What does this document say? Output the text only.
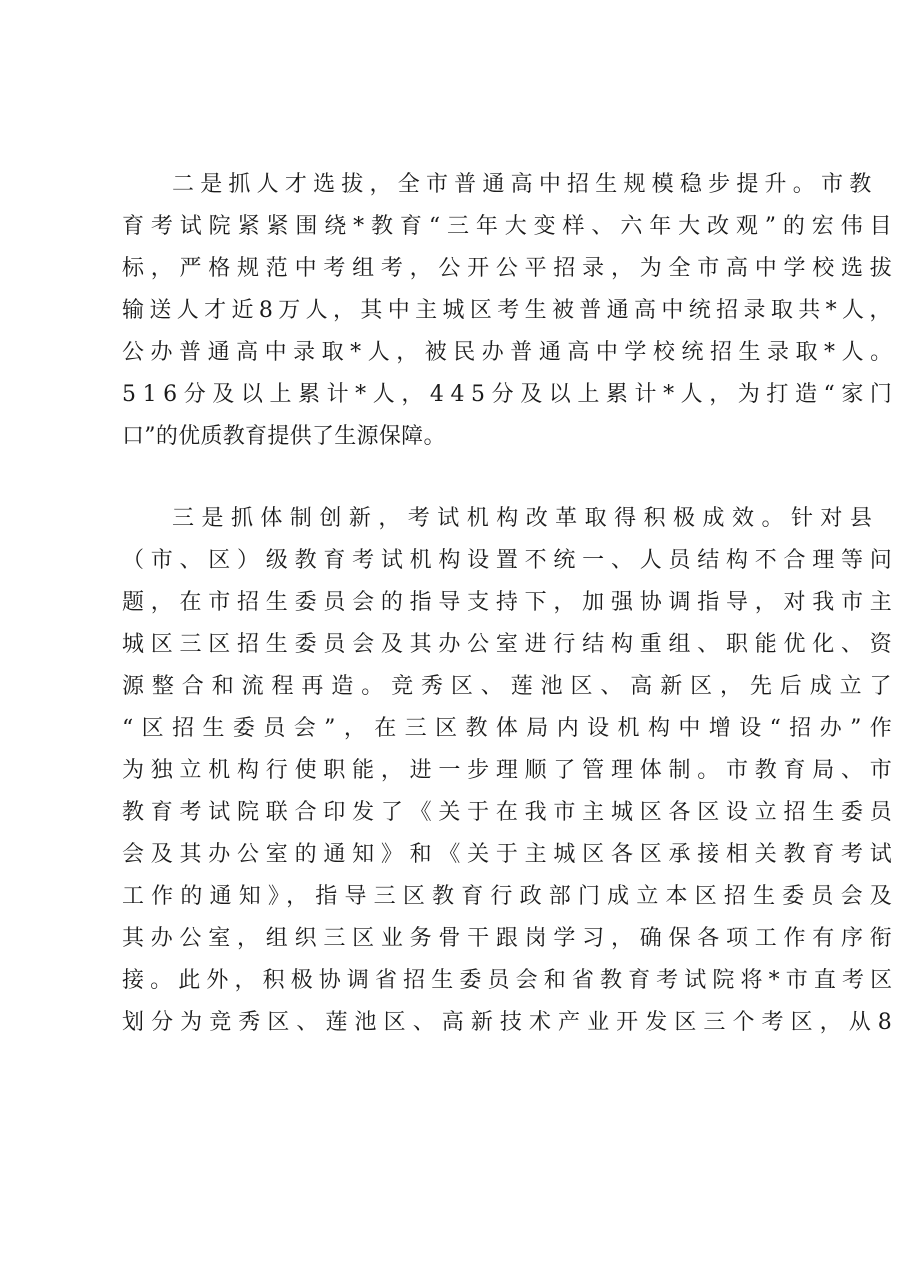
二是抓人才选拔，全市普通高中招生规模稳步提升。市教
育考试院紧紧围绕*教育“三年大变样、六年大改观”的宏伟目
标，严格规范中考组考，公开公平招录，为全市高中学校选拔
输送人才近8万人，其中主城区考生被普通高中统招录取共*人，
公办普通高中录取*人，被民办普通高中学校统招生录取*人。
516分及以上累计*人，445分及以上累计*人，为打造“家门
口”的优质教育提供了生源保障。
三是抓体制创新，考试机构改革取得积极成效。针对县
（市、区）级教育考试机构设置不统一、人员结构不合理等问
题，在市招生委员会的指导支持下，加强协调指导，对我市主
城区三区招生委员会及其办公室进行结构重组、职能优化、资
源整合和流程再造。竞秀区、莲池区、高新区，先后成立了
“区招生委员会”，在三区教体局内设机构中增设“招办”作
为独立机构行使职能，进一步理顺了管理体制。市教育局、市
教育考试院联合印发了《关于在我市主城区各区设立招生委员
会及其办公室的通知》和《关于主城区各区承接相关教育考试
工作的通知》，指导三区教育行政部门成立本区招生委员会及
其办公室，组织三区业务骨干跟岗学习，确保各项工作有序衔
接。此外，积极协调省招生委员会和省教育考试院将*市直考区
划分为竞秀区、莲池区、高新技术产业开发区三个考区，从8
